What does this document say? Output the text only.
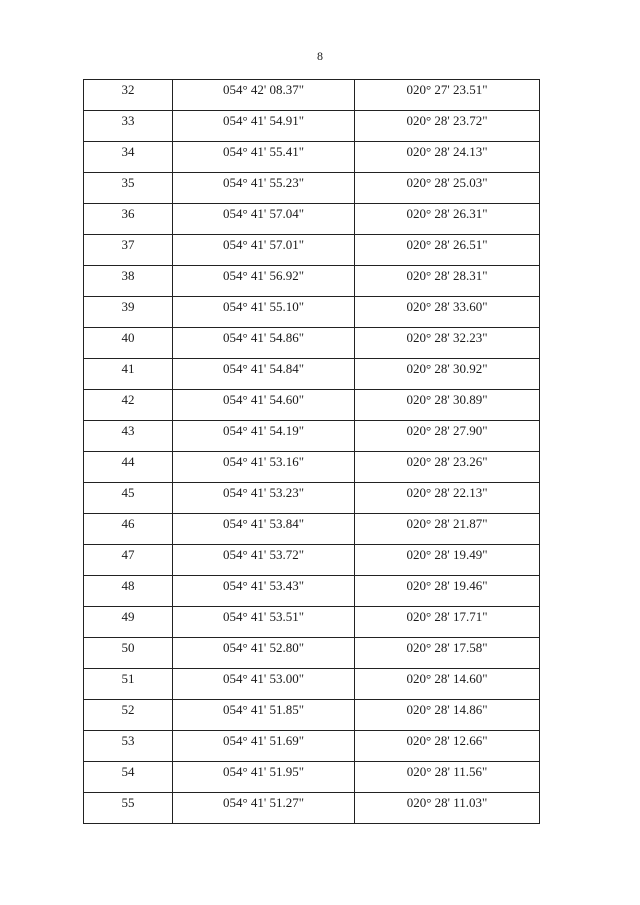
8
32	054° 42' 08.37"	020° 27' 23.51"
33	054° 41' 54.91"	020° 28' 23.72"
34	054° 41' 55.41"	020° 28' 24.13"
35	054° 41' 55.23"	020° 28' 25.03"
36	054° 41' 57.04"	020° 28' 26.31"
37	054° 41' 57.01"	020° 28' 26.51"
38	054° 41' 56.92"	020° 28' 28.31"
39	054° 41' 55.10"	020° 28' 33.60"
40	054° 41' 54.86"	020° 28' 32.23"
41	054° 41' 54.84"	020° 28' 30.92"
42	054° 41' 54.60"	020° 28' 30.89"
43	054° 41' 54.19"	020° 28' 27.90"
44	054° 41' 53.16"	020° 28' 23.26"
45	054° 41' 53.23"	020° 28' 22.13"
46	054° 41' 53.84"	020° 28' 21.87"
47	054° 41' 53.72"	020° 28' 19.49"
48	054° 41' 53.43"	020° 28' 19.46"
49	054° 41' 53.51"	020° 28' 17.71"
50	054° 41' 52.80"	020° 28' 17.58"
51	054° 41' 53.00"	020° 28' 14.60"
52	054° 41' 51.85"	020° 28' 14.86"
53	054° 41' 51.69"	020° 28' 12.66"
54	054° 41' 51.95"	020° 28' 11.56"
55	054° 41' 51.27"	020° 28' 11.03"
